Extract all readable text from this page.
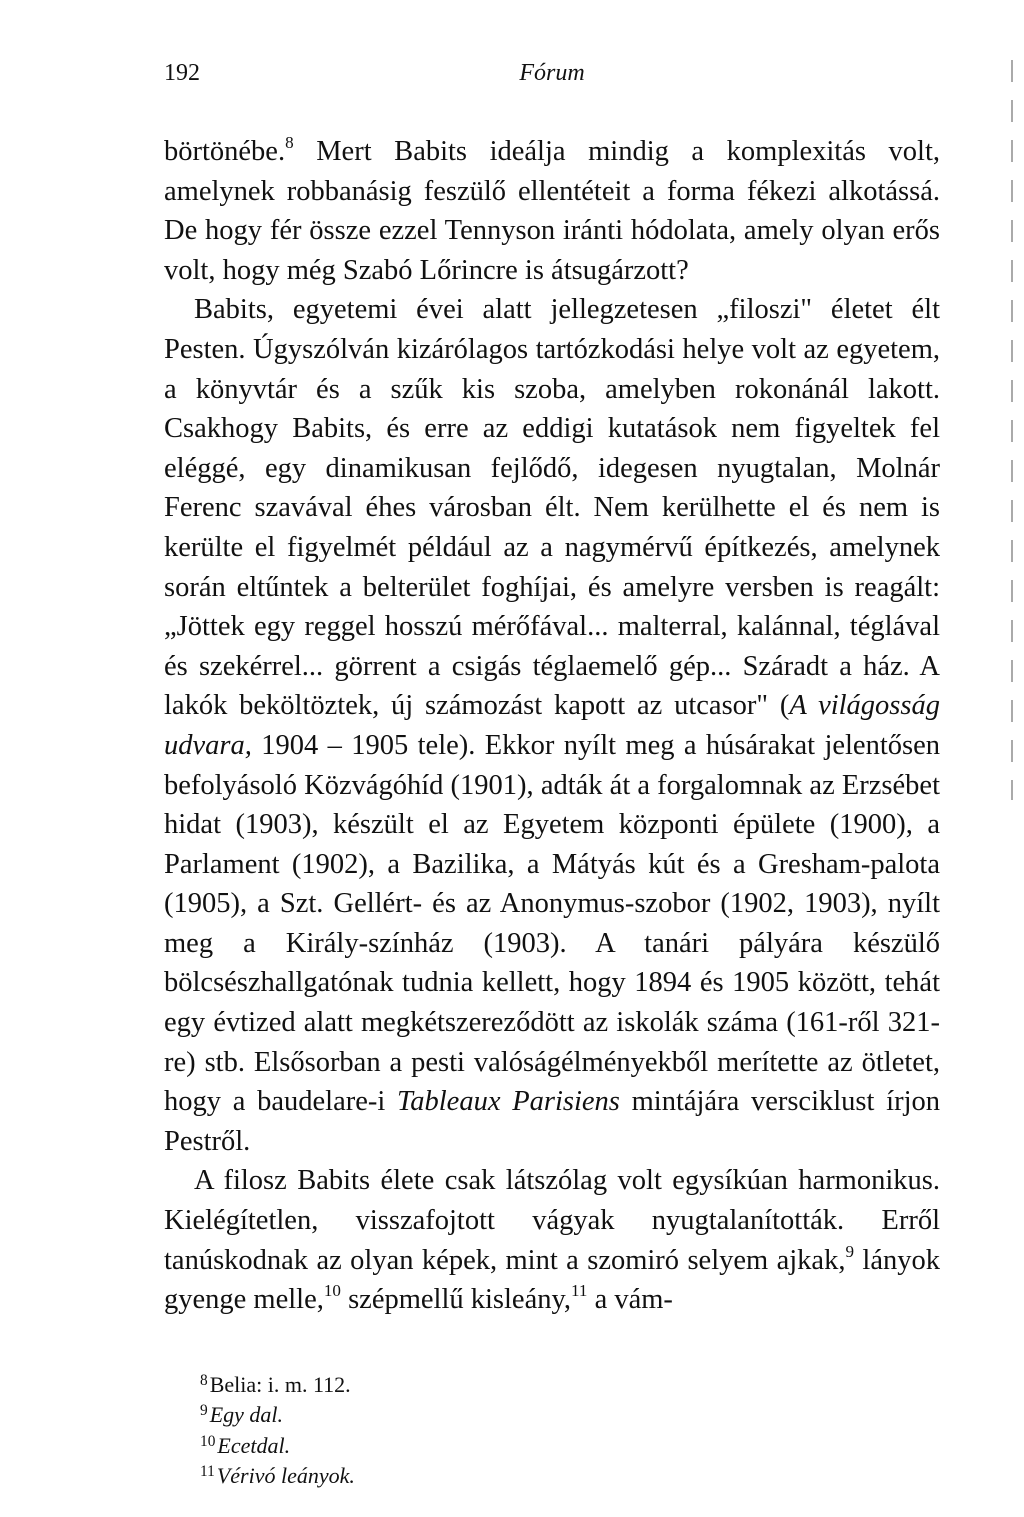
192	Fórum

börtönébe.$^8$ Mert Babits ideálja mindig a komplexitás volt, amelynek robbanásig feszülő ellentéteit a forma fékezi alkotássá. De hogy fér össze ezzel Tennyson iránti hódolata, amely olyan erős volt, hogy még Szabó Lőrincre is átsugárzott?

Babits, egyetemi évei alatt jellegzetesen „filoszi" életet élt Pesten. Úgyszólván kizárólagos tartózkodási helye volt az egyetem, a könyvtár és a szűk kis szoba, amelyben rokonánál lakott. Csakhogy Babits, és erre az eddigi kutatások nem figyeltek fel eléggé, egy dinamikusan fejlődő, idegesen nyugtalan, Molnár Ferenc szavával éhes városban élt. Nem kerülhette el és nem is kerülte el figyelmét például az a nagymérvű építkezés, amelynek során eltűntek a belterület foghíjai, és amelyre versben is reagált: „Jöttek egy reggel hosszú mérőfával... malterral, kalánnal, téglával és szekérrel... görrent a csigás téglaemelő gép... Száradt a ház. A lakók beköltöztek, új számozást kapott az utcasor" (A világosság udvara, 1904 – 1905 tele). Ekkor nyílt meg a húsárakat jelentősen befolyásoló Közvágóhíd (1901), adták át a forgalomnak az Erzsébet hidat (1903), készült el az Egyetem központi épülete (1900), a Parlament (1902), a Bazilika, a Mátyás kút és a Gresham-palota (1905), a Szt. Gellért- és az Anonymus-szobor (1902, 1903), nyílt meg a Király-színház (1903). A tanári pályára készülő bölcsészhallgatónak tudnia kellett, hogy 1894 és 1905 között, tehát egy évtized alatt megkétszereződött az iskolák száma (161-ről 321-re) stb. Elsősorban a pesti valóságélményekből merítette az ötletet, hogy a baudelare-i Tableaux Parisiens mintájára versciklust írjon Pestről.

A filosz Babits élete csak látszólag volt egysíkúan harmonikus. Kielégítetlen, visszafojtott vágyak nyugtalanították. Erről tanúskodnak az olyan képek, mint a szomiró selyem ajkak,$^9$ lányok gyenge melle,$^{10}$ szépmellű kisleány,$^{11}$ a vám-

$^8$Belia: i. m. 112.
$^9$Egy dal.
$^{10}$Ecetdal.
$^{11}$Vérivó leányok.
